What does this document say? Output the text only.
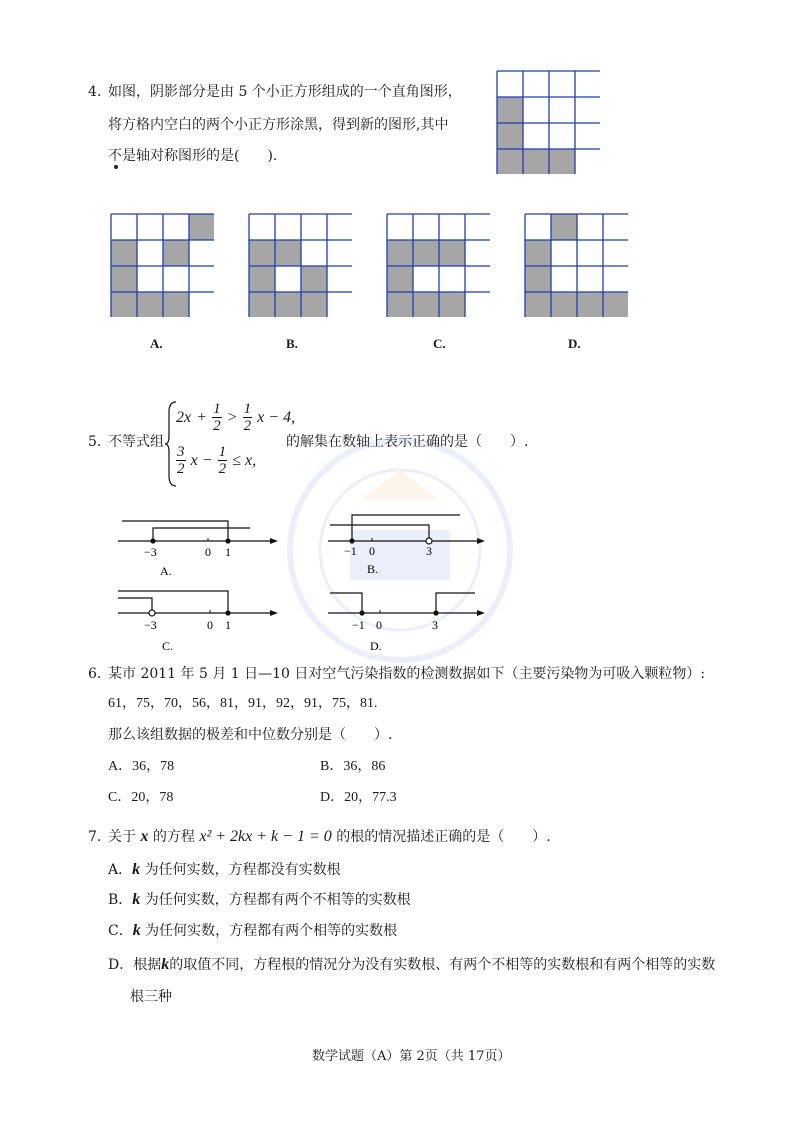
4. 如图，阴影部分是由 5 个小正方形组成的一个直角图形，
将方格内空白的两个小正方形涂黑，得到新的图形,其中
不是轴对称图形的是(　　).
A.	B.	C.	D.
5. 不等式组
$2x + \frac{1}{2} > \frac{1}{2}$ x − 4,
$\frac{3}{2}$ $x - \frac{1}{2} \le x$,
的解集在数轴上表示正确的是（　　）.
−3	0 1
A.
−1 0	3
B.
−3	0 1
C.
−1 0	3
D.
6. 某市 2011 年 5 月 1 日—10 日对空气污染指数的检测数据如下（主要污染物为可吸入颗粒物）:
61，75，70，56，81，91，92，91，75，81.
那么该组数据的极差和中位数分别是（　　）.
A．36，78	B．36，86
C．20，78	D．20，77.3
7. 关于 x 的方程 x² + 2kx + k − 1 = 0 的根的情况描述正确的是（　　）.
A．k 为任何实数，方程都没有实数根
B．k 为任何实数，方程都有两个不相等的实数根
C．k 为任何实数，方程都有两个相等的实数根
D．根据k的取值不同，方程根的情况分为没有实数根、有两个不相等的实数根和有两个相等的实数
根三种
数学试题（A）第 2页（共 17页）
